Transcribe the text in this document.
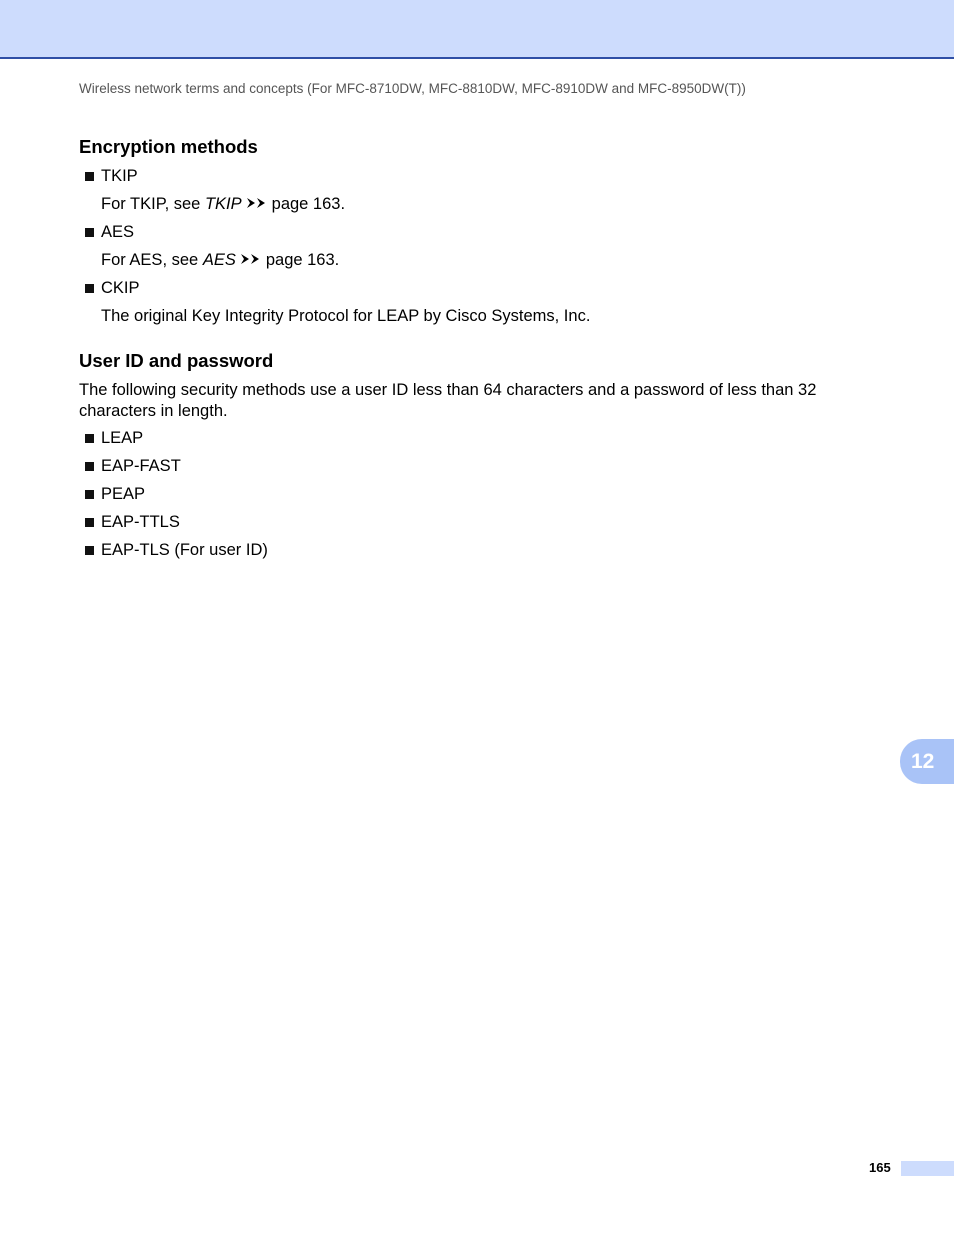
Wireless network terms and concepts (For MFC-8710DW, MFC-8810DW, MFC-8910DW and MFC-8950DW(T))
Encryption methods
TKIP
For TKIP, see TKIP page 163.
AES
For AES, see AES page 163.
CKIP
The original Key Integrity Protocol for LEAP by Cisco Systems, Inc.
User ID and password

The following security methods use a user ID less than 64 characters and a password of less than 32 characters in length.

LEAP
EAP-FAST
PEAP
EAP-TTLS
EAP-TLS (For user ID)
12
165
